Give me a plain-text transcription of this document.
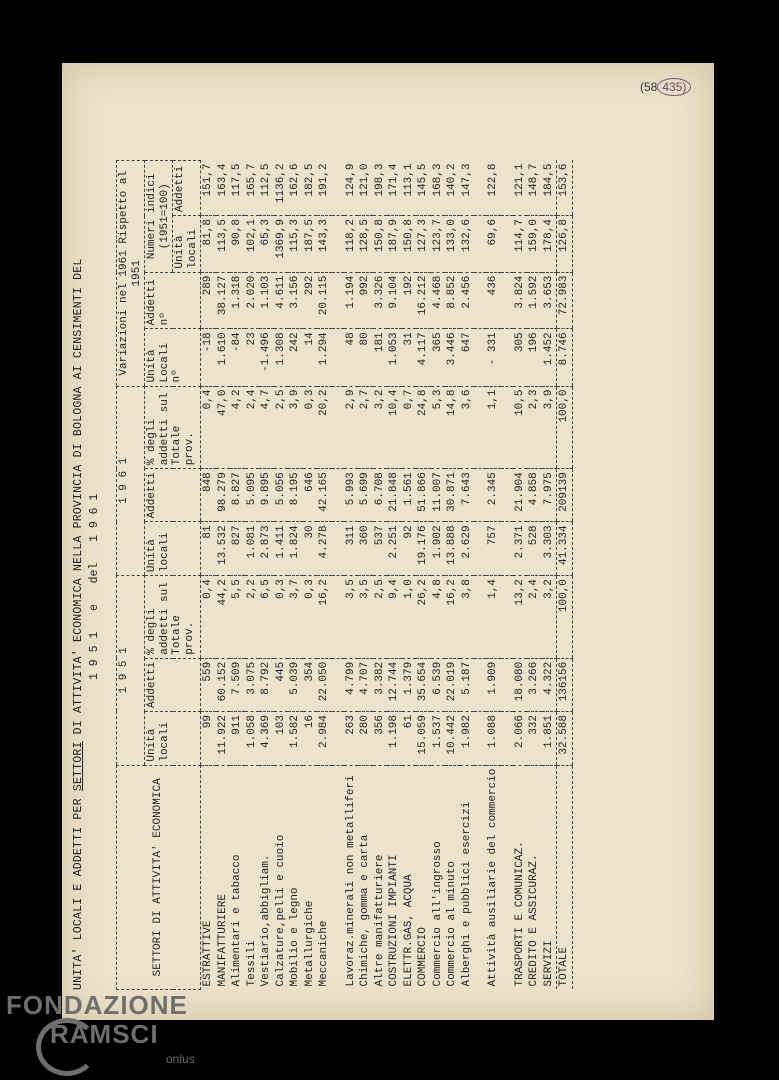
(58 435)
UNITA' LOCALI E ADDETTI PER SETTORI DI ATTIVITA' ECONOMICA NELLA PROVINCIA DI BOLOGNA AI CENSIMENTI DEL 1 9 5 1   e   del   1 9 6 1
SETTORI DI ATTIVITA' ECONOMICA	1 9 5 1			1 9 6 1			Variazioni nel 1961 Rispetto al 1951			
	Unità locali	Addetti	% degli addetti sul Totale prov.	Unità locali	Addetti	% degli addetti sul Totale prov.	Unità Locali nº	Addetti nº	Numeri indici (1951=100)	
									Unità locali	Addetti
ESTRATTIVE	99	559	0,4	81	848	0,4	-18	289	81,8	151,7
MANIFATTURIERE	11.922	60.152	44,2	13.532	98.279	47,0	1.610	38.127	113,5	163,4
Alimentari e tabacco	911	7.509	5,5	827	8.827	4,2	-84	1.318	90,8	117,5
Tessili	1.058	3.075	2,2	1.081	5.095	2,4	23	2.020	102,1	165,7
Vestiario,abbigliam.	4.369	8.792	6,5	2.873	9.895	4,7	-1.496	1.103	65,3	112,5
Calzature,pelli e cuoio	103	445	0,3	1.411	5.056	2,5	1.308	4.611	1369,9	1136,2
Mobilio e legno	1.582	5.039	3,7	1.824	8.195	3,9	242	3.156	115,3	162,6
Metallurgiche	16	354	0,3	30	646	0,3	14	292	187,5	182,5
Meccaniche	2.984	22.050	16,2	4.278	42.165	20,2	1.294	20.115	143,3	191,2

Lavoraz.minerali non metalliferi	263	4.799	3,5	311	5.993	2,9	48	1.194	118,2	124,9
Chimiche, gomma e carta	280	4.707	3,5	360	5.699	2,7	80	992	128,5	121,0
Altre manifatturiere	356	3.382	2,5	537	6.708	3,2	181	3.326	150,8	198,3
COSTRUZIONI IMPIANTI	1.198	12.744	9,4	2.251	21.848	10,4	1.053	9.104	187,9	171,4
ELETTR.GAS, ACQUA	61	1.379	1,0	92	1.561	0,7	31	192	150,8	113,1
COMMERCIO	15.059	35.654	26,2	19.176	51.866	24,8	4.117	16.212	127,3	145,5
Commercio all'ingrosso	1.537	6.539	4,8	1.902	11.007	5,3	365	4.468	123,7	168,3
Commercio al minuto	10.442	22.019	16,2	13.888	30.871	14,8	3.446	8.852	133,0	140,2
Alberghi e pubblici esercizi	1.982	5.187	3,8	2.629	7.643	3,6	647	2.456	132,6	147,3

Attività ausiliarie del commercio	1.088	1.909	1,4	757	2.345	1,1	- 331	436	69,6	122,8

TRASPORTI E COMUNICAZ.	2.066	18.080	13,2	2.371	21.904	10,5	305	3.824	114,7	121,1
CREDITO E ASSICURAZ.	332	3.266	2,4	528	4.858	2,3	196	1.592	159,0	148,7
SERVIZI	1.851	4.322	3,2	3.303	7.975	3,9	1.452	3.653	178,4	184,5
TOTALE	32.588	136156	100,0	41.334	209139	100,0	8.746	72.983	126,8	153,6
FONDAZIONE
RAMSCI
onlus
